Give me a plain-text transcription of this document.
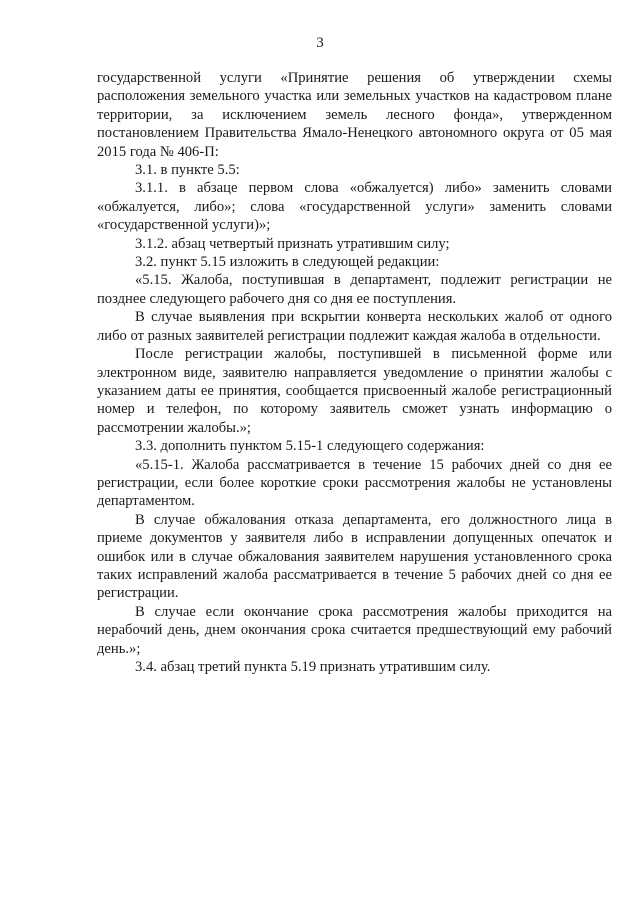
3

государственной услуги «Принятие решения об утверждении схемы расположения земельного участка или земельных участков на кадастровом плане территории, за исключением земель лесного фонда», утвержденном постановлением Правительства Ямало-Ненецкого автономного округа от 05 мая 2015 года № 406-П:

3.1. в пункте 5.5:

3.1.1. в абзаце первом слова «обжалуется) либо» заменить словами «обжалуется, либо»; слова «государственной услуги» заменить словами «государственной услуги)»;

3.1.2. абзац четвертый признать утратившим силу;

3.2. пункт 5.15 изложить в следующей редакции:

«5.15. Жалоба, поступившая в департамент, подлежит регистрации не позднее следующего рабочего дня со дня ее поступления.

В случае выявления при вскрытии конверта нескольких жалоб от одного либо от разных заявителей регистрации подлежит каждая жалоба в отдельности.

После регистрации жалобы, поступившей в письменной форме или электронном виде, заявителю направляется уведомление о принятии жалобы с указанием даты ее принятия, сообщается присвоенный жалобе регистрационный номер и телефон, по которому заявитель сможет узнать информацию о рассмотрении жалобы.»;

3.3. дополнить пунктом 5.15-1 следующего содержания:

«5.15-1. Жалоба рассматривается в течение 15 рабочих дней со дня ее регистрации, если более короткие сроки рассмотрения жалобы не установлены департаментом.

В случае обжалования отказа департамента, его должностного лица в приеме документов у заявителя либо в исправлении допущенных опечаток и ошибок или в случае обжалования заявителем нарушения установленного срока таких исправлений жалоба рассматривается в течение 5 рабочих дней со дня ее регистрации.

В случае если окончание срока рассмотрения жалобы приходится на нерабочий день, днем окончания срока считается предшествующий ему рабочий день.»;

3.4. абзац третий пункта 5.19 признать утратившим силу.
